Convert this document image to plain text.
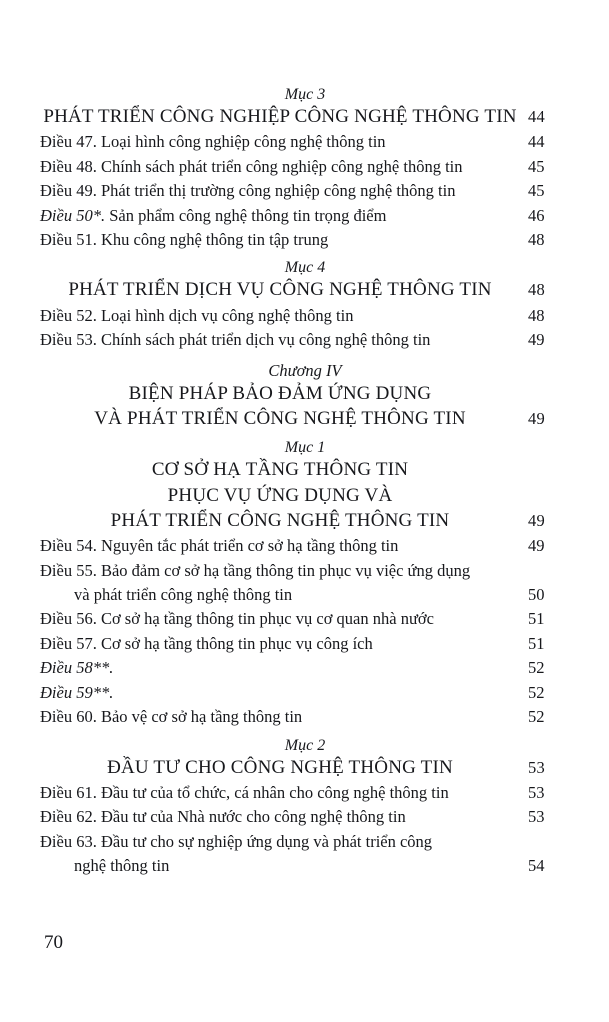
Mục 3
PHÁT TRIỂN CÔNG NGHIỆP CÔNG NGHỆ THÔNG TIN 44
Điều 47. Loại hình công nghiệp công nghệ thông tin	44
Điều 48. Chính sách phát triển công nghiệp công nghệ thông tin	45
Điều 49. Phát triển thị trường công nghiệp công nghệ thông tin	45
Điều 50*. Sản phẩm công nghệ thông tin trọng điểm	46
Điều 51. Khu công nghệ thông tin tập trung	48
Mục 4
PHÁT TRIỂN DỊCH VỤ CÔNG NGHỆ THÔNG TIN	48
Điều 52. Loại hình dịch vụ công nghệ thông tin	48
Điều 53. Chính sách phát triển dịch vụ công nghệ thông tin	49
Chương IV
BIỆN PHÁP BẢO ĐẢM ỨNG DỤNG
VÀ PHÁT TRIỂN CÔNG NGHỆ THÔNG TIN	49
Mục 1
CƠ SỞ HẠ TẦNG THÔNG TIN
PHỤC VỤ ỨNG DỤNG VÀ
PHÁT TRIỂN CÔNG NGHỆ THÔNG TIN	49
Điều 54. Nguyên tắc phát triển cơ sở hạ tầng thông tin	49
Điều 55. Bảo đảm cơ sở hạ tầng thông tin phục vụ việc ứng dụng
và phát triển công nghệ thông tin	50
Điều 56. Cơ sở hạ tầng thông tin phục vụ cơ quan nhà nước	51
Điều 57. Cơ sở hạ tầng thông tin phục vụ công ích	51
Điều 58**.	52
Điều 59**.	52
Điều 60. Bảo vệ cơ sở hạ tầng thông tin	52
Mục 2
ĐẦU TƯ CHO CÔNG NGHỆ THÔNG TIN	53
Điều 61. Đầu tư của tổ chức, cá nhân cho công nghệ thông tin	53
Điều 62. Đầu tư của Nhà nước cho công nghệ thông tin	53
Điều 63. Đầu tư cho sự nghiệp ứng dụng và phát triển công
nghệ thông tin	54
70
